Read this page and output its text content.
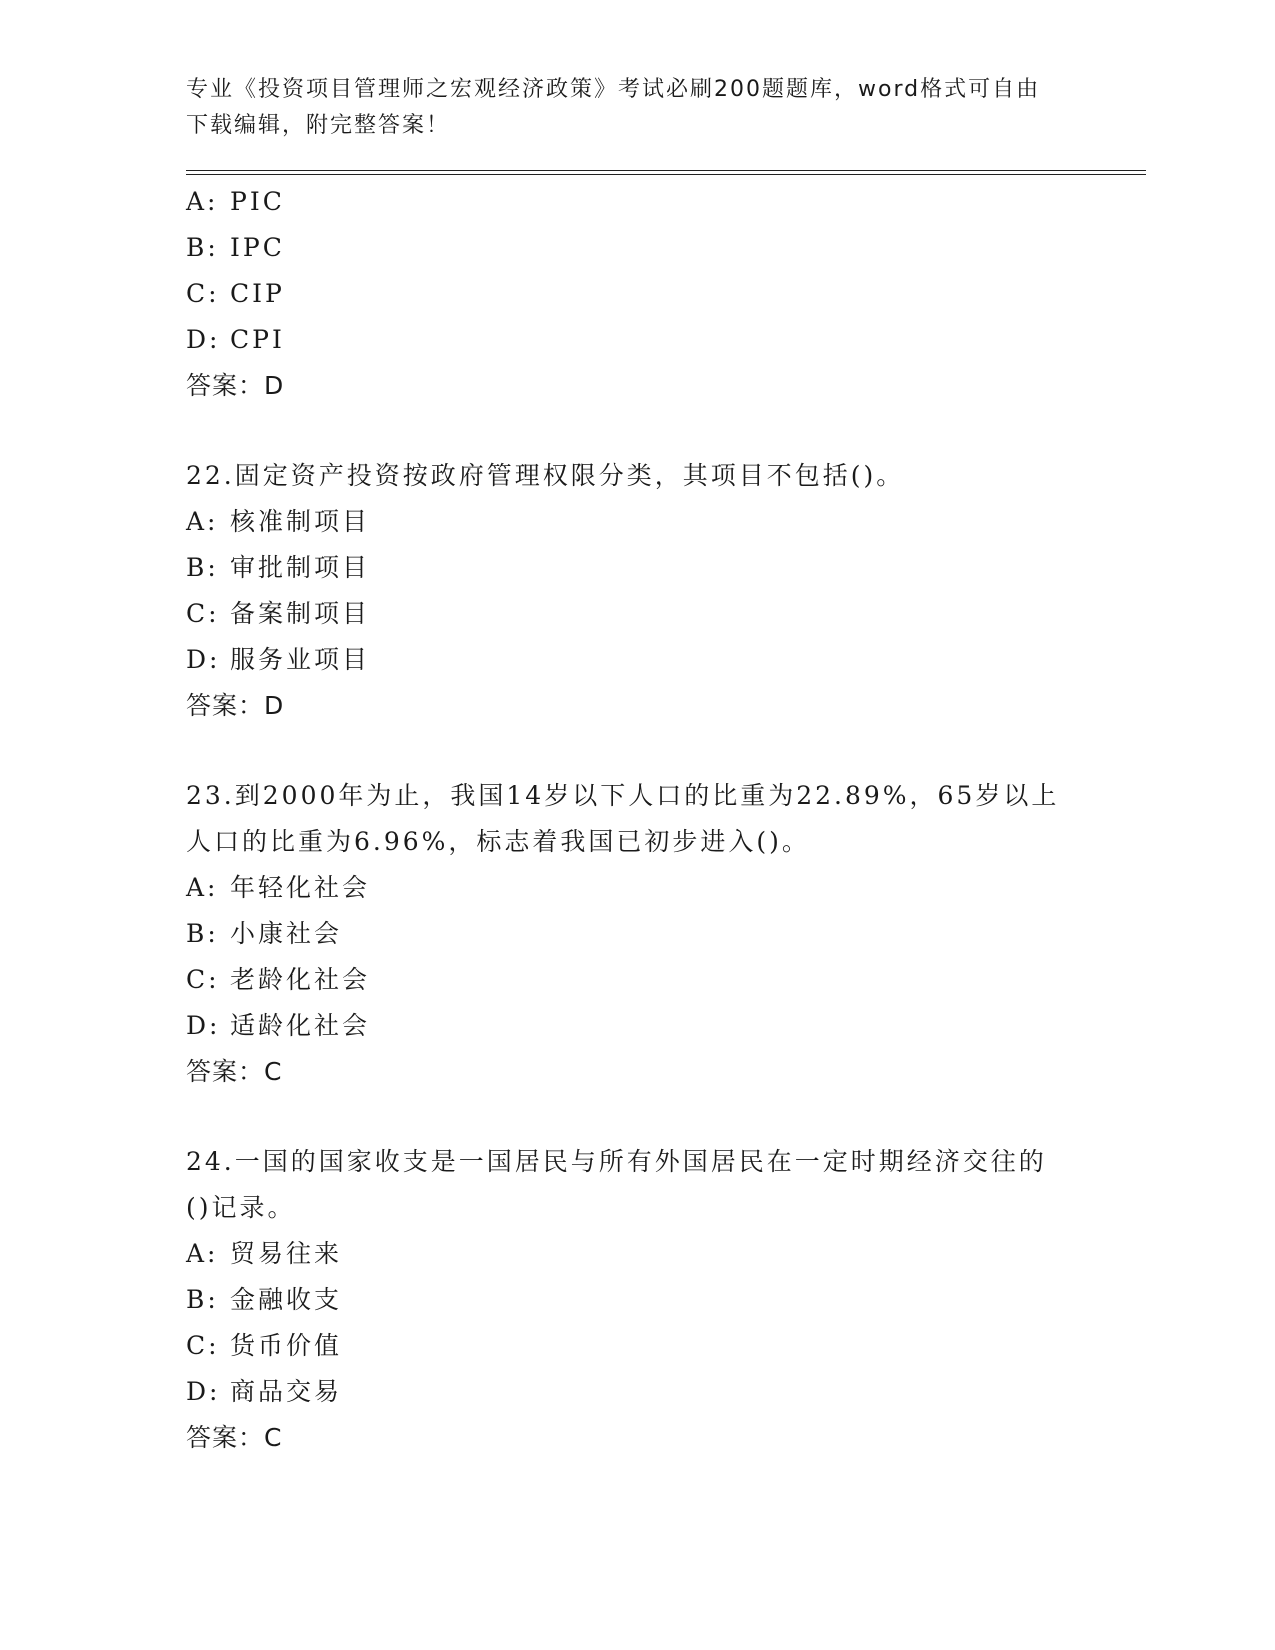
专业《投资项目管理师之宏观经济政策》考试必刷200题题库，word格式可自由下载编辑，附完整答案！
A: PIC
B: IPC
C: CIP
D: CPI
答案：D
22.固定资产投资按政府管理权限分类，其项目不包括()。
A: 核准制项目
B: 审批制项目
C: 备案制项目
D: 服务业项目
答案：D
23.到2000年为止，我国14岁以下人口的比重为22.89%，65岁以上人口的比重为6.96%，标志着我国已初步进入()。
A: 年轻化社会
B: 小康社会
C: 老龄化社会
D: 适龄化社会
答案：C
24.一国的国家收支是一国居民与所有外国居民在一定时期经济交往的()记录。
A: 贸易往来
B: 金融收支
C: 货币价值
D: 商品交易
答案：C
